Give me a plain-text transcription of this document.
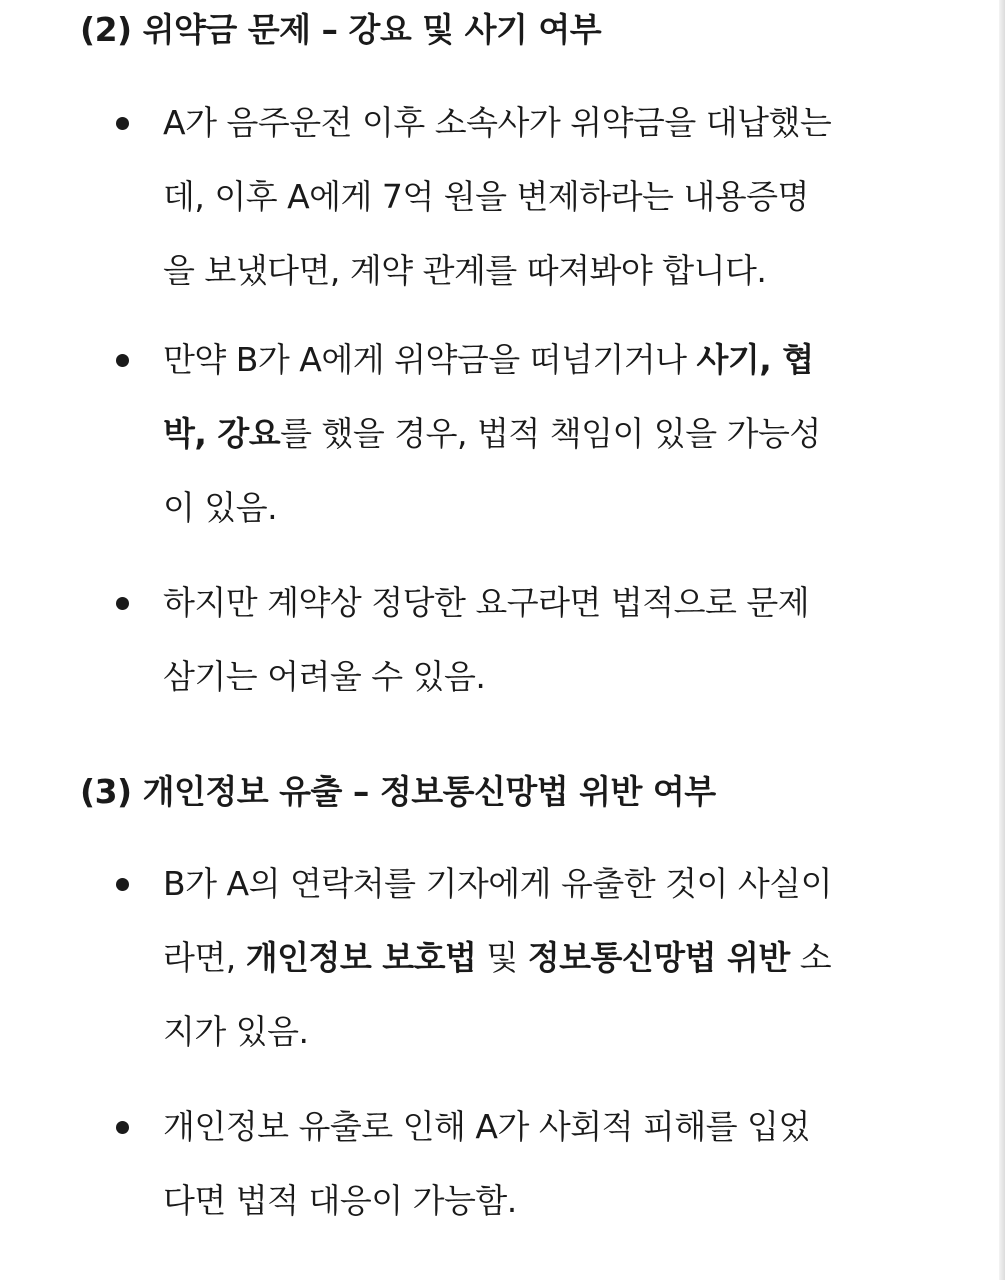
(2) 위약금 문제 – 강요 및 사기 여부

A가 음주운전 이후 소속사가 위약금을 대납했는
데, 이후 A에게 7억 원을 변제하라는 내용증명
을 보냈다면, 계약 관계를 따져봐야 합니다.

만약 B가 A에게 위약금을 떠넘기거나 사기, 협
박, 강요를 했을 경우, 법적 책임이 있을 가능성
이 있음.

하지만 계약상 정당한 요구라면 법적으로 문제
삼기는 어려울 수 있음.

(3) 개인정보 유출 – 정보통신망법 위반 여부

B가 A의 연락처를 기자에게 유출한 것이 사실이
라면, 개인정보 보호법 및 정보통신망법 위반 소
지가 있음.

개인정보 유출로 인해 A가 사회적 피해를 입었
다면 법적 대응이 가능함.
